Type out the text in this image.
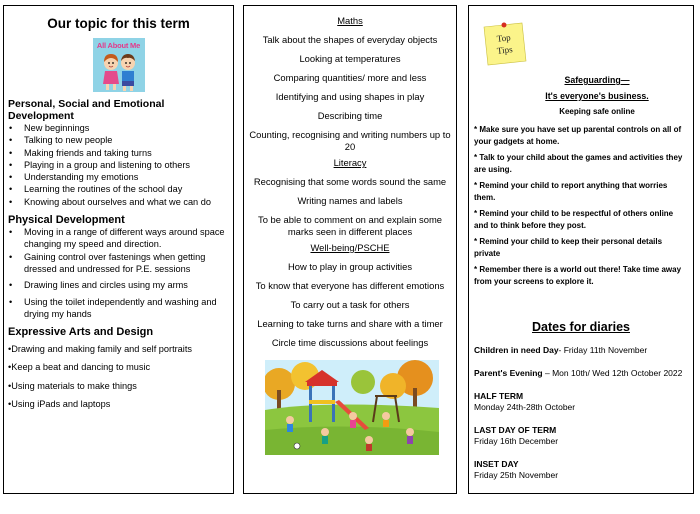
Our topic for this term
All About Me
Personal, Social and Emotional Development
• New beginnings
• Talking to new people
• Making friends and taking turns
• Playing in a group and listening to others
• Understanding my emotions
• Learning the routines of the school day
• Knowing about ourselves and what we can do
Physical Development
• Moving in a range of different ways around space changing my speed and direction.
• Gaining control over fastenings when getting dressed and undressed for P.E. sessions
• Drawing lines and circles using my arms
• Using the toilet independently and washing and drying my hands
Expressive Arts and Design
•Drawing and making family and self portraits
•Keep a beat and dancing to music
•Using materials to make things
•Using iPads and laptops
Maths
Talk about the shapes of everyday objects
Looking at temperatures
Comparing quantities/ more and less
Identifying and using shapes in play
Describing time
Counting, recognising and writing numbers up to 20
Literacy
Recognising that some words sound the same
Writing names and labels
To be able to comment on and explain some marks seen in different places
Well-being/PSCHE
How to play in group activities
To know that everyone has different emotions
To carry out a task for others
Learning to take turns and share with a timer
Circle time discussions about feelings
Top
Tips
Safeguarding—
It's everyone's business.
Keeping safe online
* Make sure you have set up parental controls on all of your gadgets at home.
* Talk to your child about the games and activities they are using.
* Remind your child to report anything that worries them.
* Remind your child to be respectful of others online and to think before they post.
* Remind your child to keep their personal details private
* Remember there is a world out there! Take time away from your screens to explore it.
Dates for diaries
Children in need Day- Friday 11th November
Parent's Evening – Mon 10th/ Wed 12th October 2022
HALF TERM
Monday 24th-28th October
LAST DAY OF TERM
Friday 16th December
INSET DAY
Friday 25th November
